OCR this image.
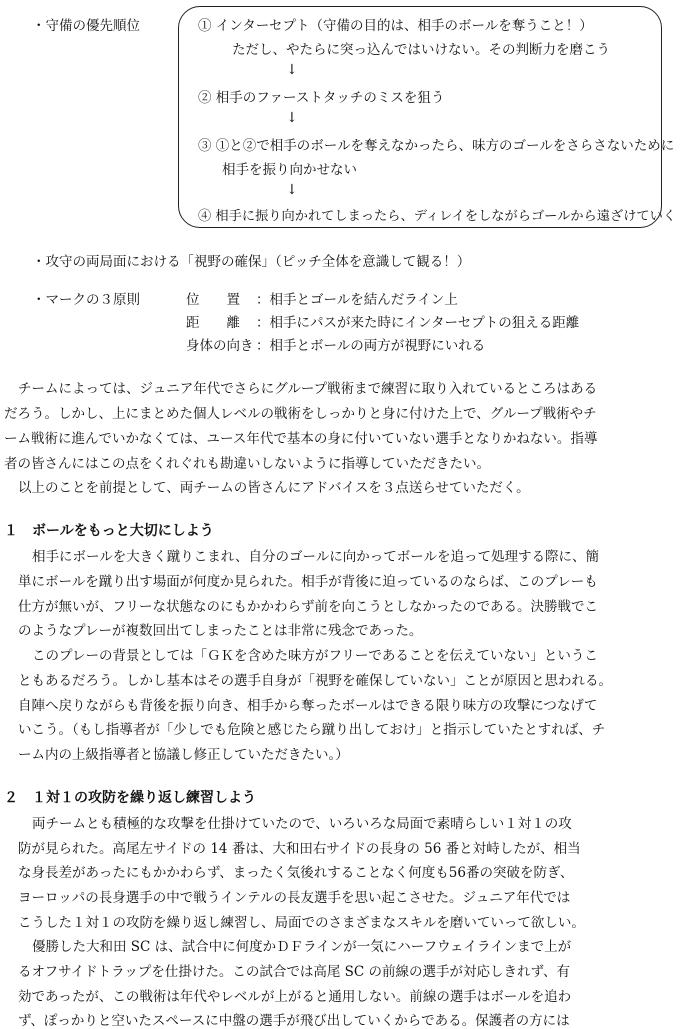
・守備の優先順位	① インターセプト（守備の目的は、相手のボールを奪うこと！）
ただし、やたらに突っ込んではいけない。その判断力を磨こう
↓
② 相手のファーストタッチのミスを狙う
↓
③ ①と②で相手のボールを奪えなかったら、味方のゴールをさらさないために
相手を振り向かせない
↓
④ 相手に振り向かれてしまったら、ディレイをしながらゴールから遠ざけていく
・攻守の両局面における「視野の確保」（ピッチ全体を意識して観る！）
・マークの３原則	位　　置 ：相手とゴールを結んだライン上
距　　離 ：相手にパスが来た時にインターセプトの狙える距離
身体の向き ：相手とボールの両方が視野にいれる
チームによっては、ジュニア年代でさらにグループ戦術まで練習に取り入れているところはある
だろう。しかし、上にまとめた個人レベルの戦術をしっかりと身に付けた上で、グループ戦術やチ
ーム戦術に進んでいかなくては、ユース年代で基本の身に付いていない選手となりかねない。指導
者の皆さんにはこの点をくれぐれも勘違いしないように指導していただきたい。
以上のことを前提として、両チームの皆さんにアドバイスを３点送らせていただく。
１　ボールをもっと大切にしよう
相手にボールを大きく蹴りこまれ、自分のゴールに向かってボールを追って処理する際に、簡
単にボールを蹴り出す場面が何度か見られた。相手が背後に迫っているのならば、このプレーも
仕方が無いが、フリーな状態なのにもかかわらず前を向こうとしなかったのである。決勝戦でこ
のようなプレーが複数回出てしまったことは非常に残念であった。
このプレーの背景としては「ＧＫを含めた味方がフリーであることを伝えていない」というこ
ともあるだろう。しかし基本はその選手自身が「視野を確保していない」ことが原因と思われる。
自陣へ戻りながらも背後を振り向き、相手から奪ったボールはできる限り味方の攻撃につなげて
いこう。（もし指導者が「少しでも危険と感じたら蹴り出しておけ」と指示していたとすれば、チ
ーム内の上級指導者と協議し修正していただきたい。）
２　１対１の攻防を繰り返し練習しよう
両チームとも積極的な攻撃を仕掛けていたので、いろいろな局面で素晴らしい１対１の攻
防が見られた。高尾左サイドの 14 番は、大和田右サイドの長身の 56 番と対峙したが、相当
な身長差があったにもかかわらず、まったく気後れすることなく何度も56番の突破を防ぎ、
ヨーロッパの長身選手の中で戦うインテルの長友選手を思い起こさせた。ジュニア年代では
こうした１対１の攻防を繰り返し練習し、局面でのさまざまなスキルを磨いていって欲しい。
優勝した大和田 SC は、試合中に何度かＤＦラインが一気にハーフウェイラインまで上が
るオフサイドトラップを仕掛けた。この試合では高尾 SC の前線の選手が対応しきれず、有
効であったが、この戦術は年代やレベルが上がると通用しない。前線の選手はボールを追わ
ず、ぽっかりと空いたスペースに中盤の選手が飛び出していくからである。保護者の方には
